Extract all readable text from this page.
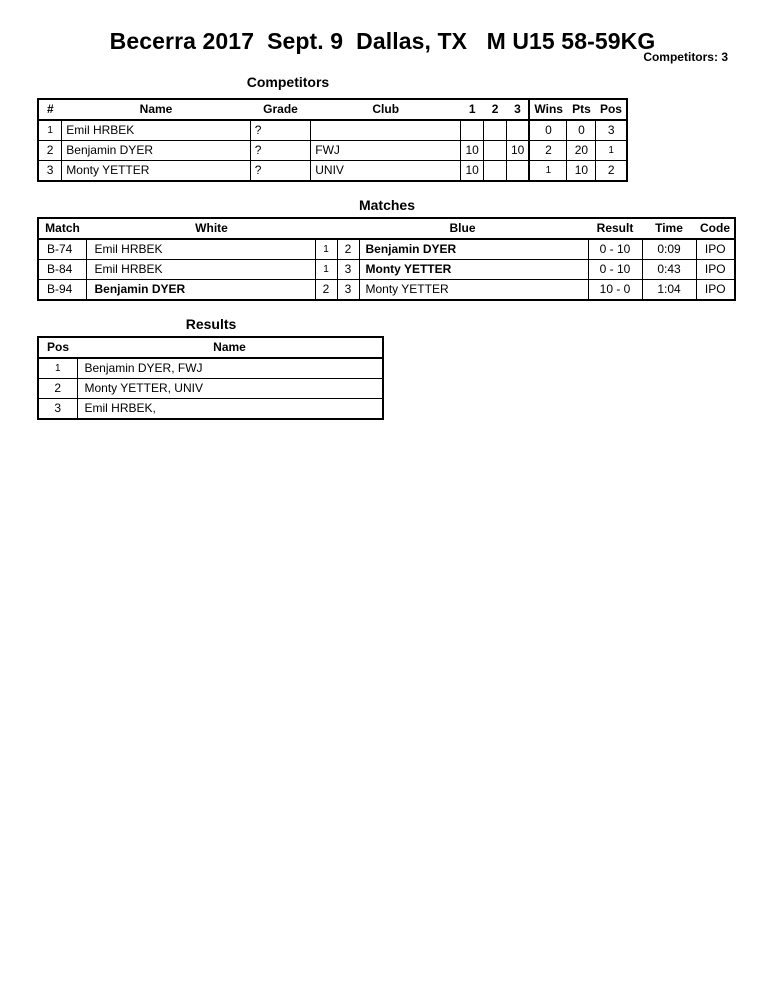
Becerra 2017  Sept. 9  Dallas, TX   M U15 58-59KG
Competitors: 3
Competitors
#	Name	Grade	Club	1	2	3	Wins	Pts	Pos
1	Emil HRBEK	?					0	0	3
2	Benjamin DYER	?	FWJ	10		10	2	20	1
3	Monty YETTER	?	UNIV	10			1	10	2
Matches
Match	White		Blue		Result	Time	Code
B-74	Emil HRBEK	1	2	Benjamin DYER	0 - 10	0:09	IPO
B-84	Emil HRBEK	1	3	Monty YETTER	0 - 10	0:43	IPO
B-94	Benjamin DYER	2	3	Monty YETTER	10 - 0	1:04	IPO
Results
Pos	Name
1	Benjamin DYER, FWJ
2	Monty YETTER, UNIV
3	Emil HRBEK,
